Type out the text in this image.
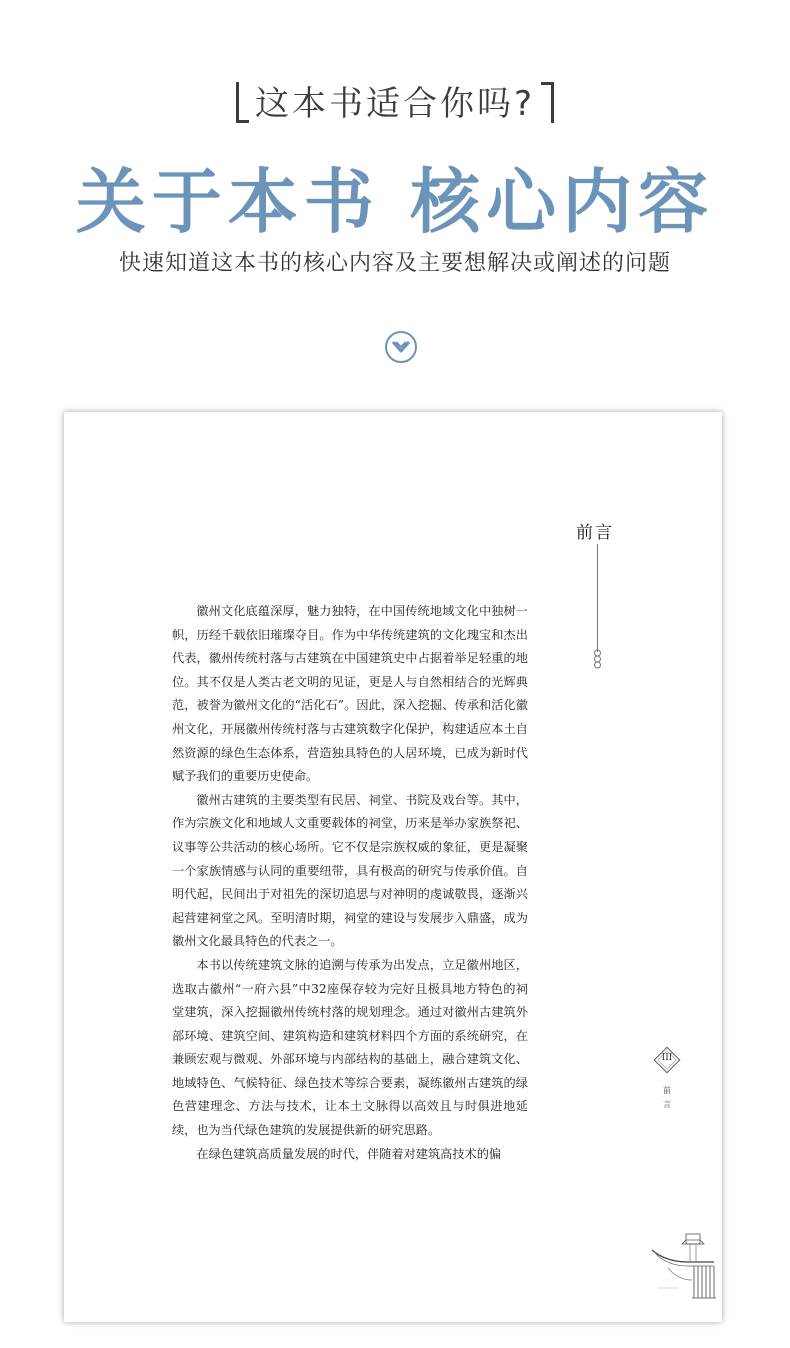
这本书适合你吗?
关于本书 核心内容
快速知道这本书的核心内容及主要想解决或阐述的问题
前言

徽州文化底蕴深厚，魅力独特，在中国传统地域文化中独树一帜，历经千载依旧璀璨夺目。作为中华传统建筑的文化瑰宝和杰出代表，徽州传统村落与古建筑在中国建筑史中占据着举足轻重的地位。其不仅是人类古老文明的见证，更是人与自然相结合的光辉典范，被誉为徽州文化的“活化石”。因此，深入挖掘、传承和活化徽州文化，开展徽州传统村落与古建筑数字化保护，构建适应本土自然资源的绿色生态体系，营造独具特色的人居环境，已成为新时代赋予我们的重要历史使命。

徽州古建筑的主要类型有民居、祠堂、书院及戏台等。其中，作为宗族文化和地域人文重要载体的祠堂，历来是举办家族祭祀、议事等公共活动的核心场所。它不仅是宗族权威的象征，更是凝聚一个家族情感与认同的重要纽带，具有极高的研究与传承价值。自明代起，民间出于对祖先的深切追思与对神明的虔诚敬畏，逐渐兴起营建祠堂之风。至明清时期，祠堂的建设与发展步入鼎盛，成为徽州文化最具特色的代表之一。

本书以传统建筑文脉的追溯与传承为出发点，立足徽州地区，选取古徽州“一府六县”中32座保存较为完好且极具地方特色的祠堂建筑，深入挖掘徽州传统村落的规划理念。通过对徽州古建筑外部环境、建筑空间、建筑构造和建筑材料四个方面的系统研究，在兼顾宏观与微观、外部环境与内部结构的基础上，融合建筑文化、地域特色、气候特征、绿色技术等综合要素，凝练徽州古建筑的绿色营建理念、方法与技术，让本土文脉得以高效且与时俱进地延续，也为当代绿色建筑的发展提供新的研究思路。

在绿色建筑高质量发展的时代，伴随着对建筑高技术的偏

III
前言
